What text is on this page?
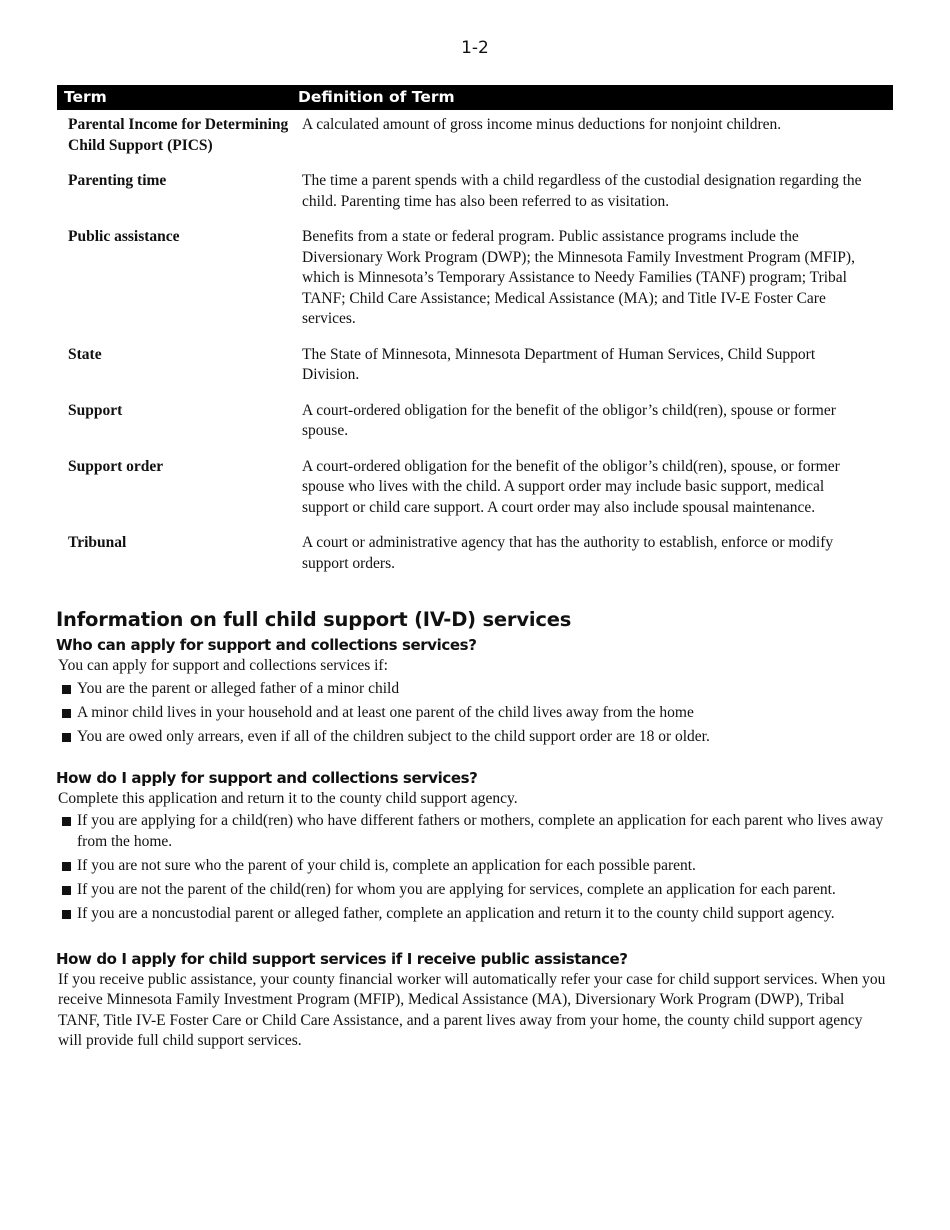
1-2
Term	Definition of Term
Parental Income for Determining Child Support (PICS)	A calculated amount of gross income minus deductions for nonjoint children.
Parenting time	The time a parent spends with a child regardless of the custodial designation regarding the child. Parenting time has also been referred to as visitation.
Public assistance	Benefits from a state or federal program. Public assistance programs include the Diversionary Work Program (DWP); the Minnesota Family Investment Program (MFIP), which is Minnesota’s Temporary Assistance to Needy Families (TANF) program; Tribal TANF; Child Care Assistance; Medical Assistance (MA); and Title IV-E Foster Care services.
State	The State of Minnesota, Minnesota Department of Human Services, Child Support Division.
Support	A court-ordered obligation for the benefit of the obligor’s child(ren), spouse or former spouse.
Support order	A court-ordered obligation for the benefit of the obligor’s child(ren), spouse, or former spouse who lives with the child. A support order may include basic support, medical support or child care support. A court order may also include spousal maintenance.
Tribunal	A court or administrative agency that has the authority to establish, enforce or modify support orders.
Information on full child support (IV-D) services
Who can apply for support and collections services?

You can apply for support and collections services if:

You are the parent or alleged father of a minor child
A minor child lives in your household and at least one parent of the child lives away from the home
You are owed only arrears, even if all of the children subject to the child support order are 18 or older.
How do I apply for support and collections services?

Complete this application and return it to the county child support agency.

If you are applying for a child(ren) who have different fathers or mothers, complete an application for each parent who lives away from the home.
If you are not sure who the parent of your child is, complete an application for each possible parent.
If you are not the parent of the child(ren) for whom you are applying for services, complete an application for each parent.
If you are a noncustodial parent or alleged father, complete an application and return it to the county child support agency.
How do I apply for child support services if I receive public assistance?

If you receive public assistance, your county financial worker will automatically refer your case for child support services. When you receive Minnesota Family Investment Program (MFIP), Medical Assistance (MA), Diversionary Work Program (DWP), Tribal TANF, Title IV-E Foster Care or Child Care Assistance, and a parent lives away from your home, the county child support agency will provide full child support services.
